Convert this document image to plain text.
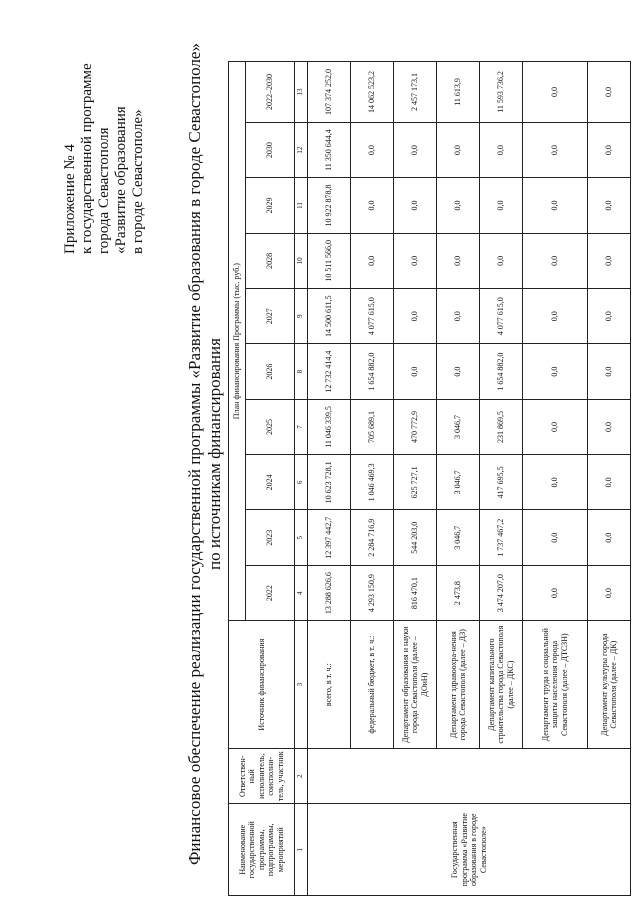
Приложение № 4 к государственной программе города Севастополя «Развитие образования в городе Севастополе» Финансовое обеспечение реализации государственной программы «Развитие образования в городе Севастополе» по источникам финансирования
Наименование государственной программы, подпрограммы, мероприятий	Ответствен-ный исполнитель, соисполни-тель, участник	Источник финансирования	План финансирования Программы (тыс. руб.)									
			2022	2023	2024	2025	2026	2027	2028	2029	2030	2022–2030
1	2	3	4	5	6	7	8	9	10	11	12	13
Государственная программа «Развитие образования в городе Севастополе»		всего, в т. ч.:	13 288 626,6	12 397 442,7	10 623 728,1	11 046 339,5	12 732 414,4	14 500 611,5	10 511 566,0	10 922 878,8	11 350 644,4	107 374 252,0
		федеральный бюджет, в т. ч.:	4 293 150,9	2 284 716,9	1 046 469,3	705 689,1	1 654 882,0	4 077 615,0	0,0	0,0	0,0	14 062 523,2
		Департамент образования и науки города Севастополя (далее – ДОиН)	816 470,1	544 203,0	625 727,1	470 772,9	0,0	0,0	0,0	0,0	0,0	2 457 173,1
		Департамент здравоохра-нения города Севастополя (далее – ДЗ)	2 473,8	3 046,7	3 046,7	3 046,7	0,0	0,0	0,0	0,0	0,0	11 613,9
		Департамент капитального строительства города Севастополя (далее – ДКС)	3 474 207,0	1 737 467,2	417 695,5	231 869,5	1 654 882,0	4 077 615,0	0,0	0,0	0,0	11 593 736,2
		Департамент труда и социальной защиты населения города Севастополя (далее – ДТСЗН)	0,0	0,0	0,0	0,0	0,0	0,0	0,0	0,0	0,0	0,0
		Департамент культуры города Севастополя (далее – ДК)	0,0	0,0	0,0	0,0	0,0	0,0	0,0	0,0	0,0	0,0
